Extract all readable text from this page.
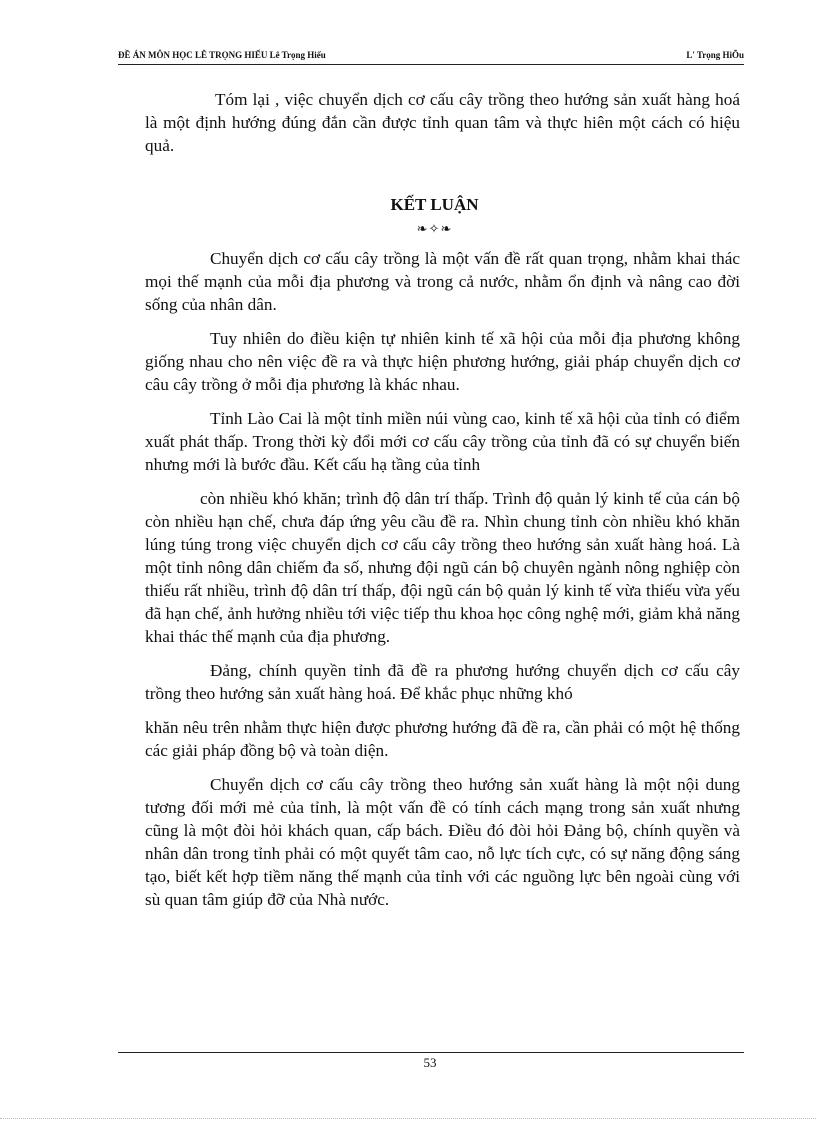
ĐỀ ÁN MÔN HỌC LÊ TRỌNG HIẾU Lê Trọng Hiếu	L' Trọng HiÕu

Tóm lại , việc chuyển dịch cơ cấu cây trồng theo hướng sản xuất hàng hoá là một định hướng đúng đắn cần được tỉnh quan tâm và thực hiên một cách có hiệu quả.

KẾT LUẬN
❧✧❧

Chuyển dịch cơ cấu cây trồng là một vấn đề rất quan trọng, nhằm khai thác mọi thế mạnh của mỗi địa phương và trong cả nước, nhằm ổn định và nâng cao đời sống của nhân dân.

Tuy nhiên do điều kiện tự nhiên kinh tế xã hội của mỗi địa phương không giống nhau cho nên việc đề ra và thực hiện phương hướng, giải pháp chuyển dịch cơ câu cây trồng ở mỗi địa phương là khác nhau.

Tỉnh Lào Cai là một tỉnh miền núi vùng cao, kinh tế xã hội của tỉnh có điểm xuất phát thấp. Trong thời kỳ đổi mới cơ cấu cây trồng của tỉnh đã có sự chuyển biến nhưng mới là bước đầu. Kết cấu hạ tầng của tỉnh

còn nhiều khó khăn; trình độ dân trí thấp. Trình độ quản lý kinh tế của cán bộ còn nhiều hạn chế, chưa đáp ứng yêu cầu đề ra. Nhìn chung tỉnh còn nhiều khó khăn lúng túng trong việc chuyển dịch cơ cấu cây trồng theo hướng sản xuất hàng hoá. Là một tỉnh nông dân chiếm đa số, nhưng đội ngũ cán bộ chuyên ngành nông nghiệp còn thiếu rất nhiều, trình độ dân trí thấp, đội ngũ cán bộ quản lý kinh tế vừa thiếu vừa yếu đã hạn chế, ảnh hưởng nhiều tới việc tiếp thu khoa học công nghệ mới, giảm khả năng khai thác thế mạnh của địa phương.

Đảng, chính quyền tỉnh đã đề ra phương hướng chuyển dịch cơ cấu cây trồng theo hướng sản xuất hàng hoá. Để khắc phục những khó

khăn nêu trên nhằm thực hiện được phương hướng đã đề ra, cần phải có một hệ thống các giải pháp đồng bộ và toàn diện.

Chuyển dịch cơ cấu cây trồng theo hướng sản xuất hàng là một nội dung tương đối mới mẻ của tỉnh, là một vấn đề có tính cách mạng trong sản xuất nhưng cũng là một đòi hỏi khách quan, cấp bách. Điều đó đòi hỏi Đảng bộ, chính quyền và nhân dân trong tỉnh phải có một quyết tâm cao, nỗ lực tích cực, có sự năng động sáng tạo, biết kết hợp tiềm năng thế mạnh của tỉnh với các nguồng lực bên ngoài cùng với sù quan tâm giúp đỡ của Nhà nước.

53
